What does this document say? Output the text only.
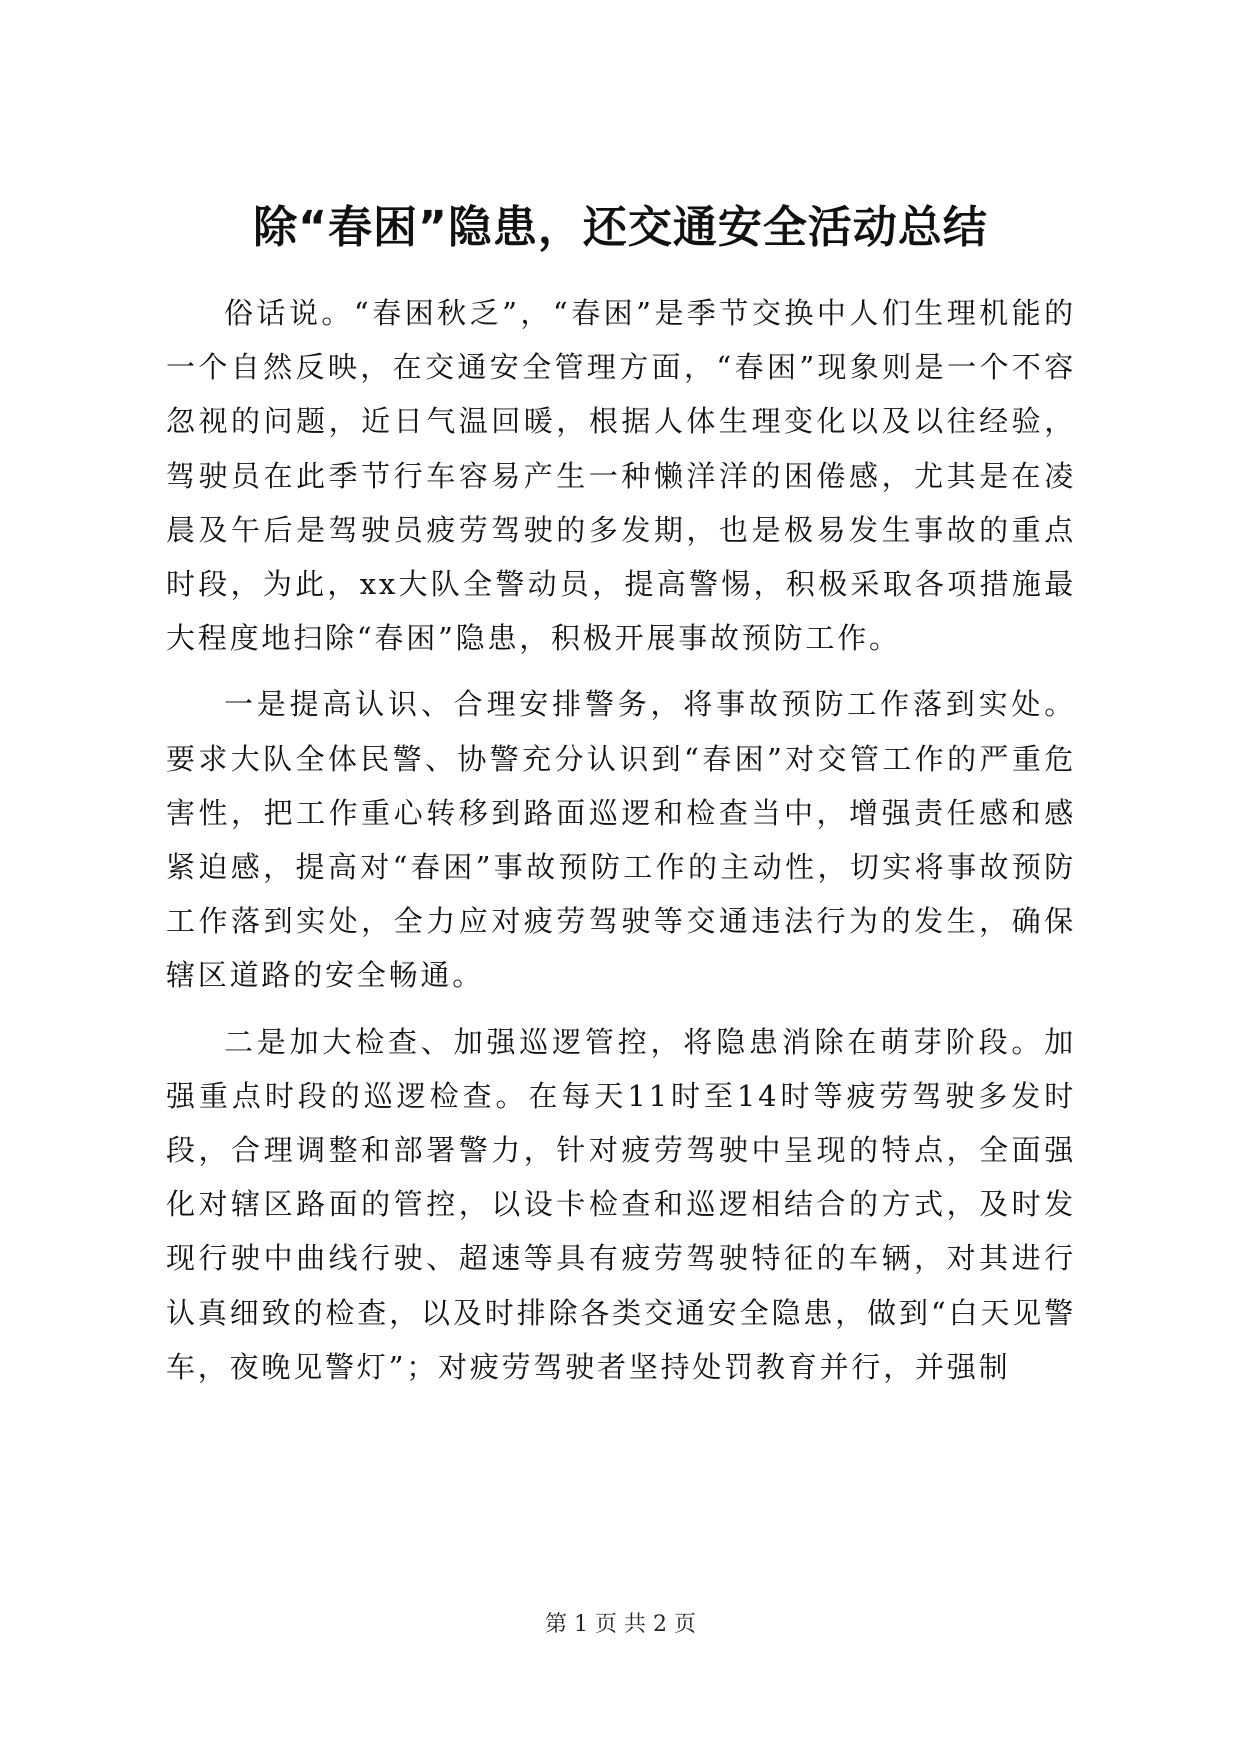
除“春困”隐患，还交通安全活动总结

俗话说。“春困秋乏”，“春困”是季节交换中人们生理机能的一个自然反映，在交通安全管理方面，“春困”现象则是一个不容忽视的问题，近日气温回暖，根据人体生理变化以及以往经验，驾驶员在此季节行车容易产生一种懒洋洋的困倦感，尤其是在凌晨及午后是驾驶员疲劳驾驶的多发期，也是极易发生事故的重点时段，为此，xx大队全警动员，提高警惕，积极采取各项措施最大程度地扫除“春困”隐患，积极开展事故预防工作。

一是提高认识、合理安排警务，将事故预防工作落到实处。要求大队全体民警、协警充分认识到“春困”对交管工作的严重危害性，把工作重心转移到路面巡逻和检查当中，增强责任感和感紧迫感，提高对“春困”事故预防工作的主动性，切实将事故预防工作落到实处，全力应对疲劳驾驶等交通违法行为的发生，确保辖区道路的安全畅通。

二是加大检查、加强巡逻管控，将隐患消除在萌芽阶段。加强重点时段的巡逻检查。在每天11时至14时等疲劳驾驶多发时段，合理调整和部署警力，针对疲劳驾驶中呈现的特点，全面强化对辖区路面的管控，以设卡检查和巡逻相结合的方式，及时发现行驶中曲线行驶、超速等具有疲劳驾驶特征的车辆，对其进行认真细致的检查，以及时排除各类交通安全隐患，做到“白天见警车，夜晚见警灯”；对疲劳驾驶者坚持处罚教育并行，并强制

第 1 页 共 2 页
